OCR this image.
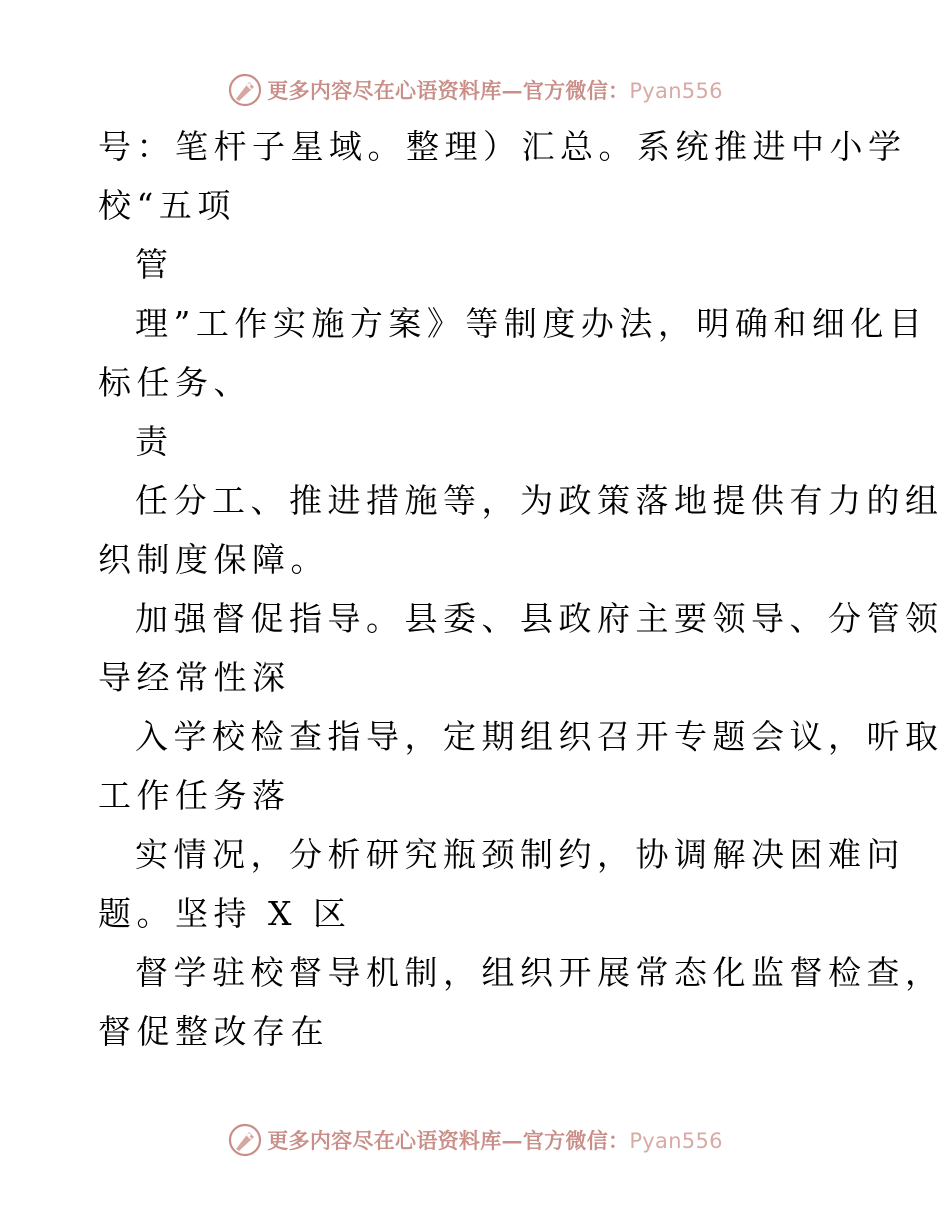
更多内容尽在心语资料库—官方微信：Pyan556
号：笔杆子星域。整理）汇总。系统推进中小学
校“五项
管
理”工作实施方案》等制度办法，明确和细化目
标任务、
责
任分工、推进措施等，为政策落地提供有力的组
织制度保障。
加强督促指导。县委、县政府主要领导、分管领
导经常性深
入学校检查指导，定期组织召开专题会议，听取
工作任务落
实情况，分析研究瓶颈制约，协调解决困难问
题。坚持 X 区
督学驻校督导机制，组织开展常态化监督检查，
督促整改存在
更多内容尽在心语资料库—官方微信：Pyan556
